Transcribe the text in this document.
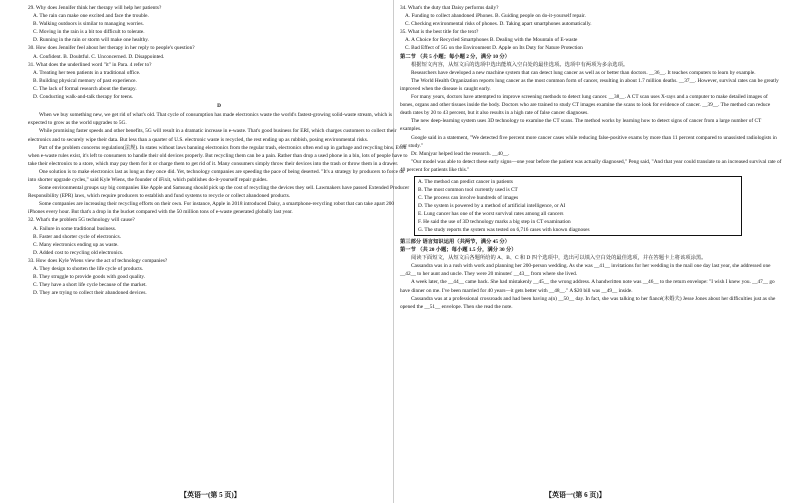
29. Why does Jennifer think her therapy will help her patients?

A. The rain can make one excited and face the trouble.

B. Walking outdoors is similar to managing worries.

C. Moving in the rain is a bit too difficult to tolerate.

D. Running in the rain or storm will make one healthy.

30. How does Jennifer feel about her therapy in her reply to people's question?

A. Confident. B. Doubtful. C. Unconcerned. D. Disappointed.

31. What does the underlined word "it" in Para. 4 refer to?

A. Treating her teen patients in a traditional office.

B. Building physical memory of past experience.

C. The lack of formal research about the therapy.

D. Conducting walk-and-talk therapy for teens.

D

When we buy something new, we get rid of what's old. That cycle of consumption has made electronics waste the world's fastest-growing solid-waste stream, which is expected to grow as the world upgrades to 5G.

While promising faster speeds and other benefits, 5G will result in a dramatic increase in e-waste. That's good business for ERI, which charges customers to collect their electronics and to securely wipe their data. But less than a quarter of U.S. electronic waste is recycled, the rest ending up as rubbish, posing environmental risks.

Part of the problem concerns regulation(法规). In states without laws banning electronics from the regular trash, electronics often end up in garbage and recycling bins. Even when e-waste rules exist, it's left to consumers to handle their old devices properly. But recycling them can be a pain. Rather than drop a used phone in a bin, lots of people have to take their electronics to a store, which may pay them for it or charge them to get rid of it. Many consumers simply throw their devices into the trash or throw them in a drawer.

One solution is to make electronics last as long as they once did. Yet, technology companies are speeding the pace of being deserted. "It's a strategy by producers to force us into shorter upgrade cycles," said Kyle Wiens, the founder of iFixit, which publishes do-it-yourself repair guides.

Some environmental groups say big companies like Apple and Samsung should pick up the cost of recycling the devices they sell. Lawmakers have passed Extended Producer Responsibility (EPR) laws, which require producers to establish and fund systems to recycle or collect abandoned products.

Some companies are increasing their recycling efforts on their own. For instance, Apple in 2018 introduced Daisy, a smartphone-recycling robot that can take apart 200 iPhones every hour. But that's a drop in the bucket compared with the 50 million tons of e-waste generated globally last year.

32. What's the problem 5G technology will cause?

A. Failure in some traditional business.

B. Faster and shorter cycle of electronics.

C. Many electronics ending up as waste.

D. Added cost to recycling old electronics.

33. How does Kyle Wiens view the act of technology companies?

A. They design to shorten the life cycle of products.

B. They struggle to provide goods with good quality.

C. They have a short life cycle because of the market.

D. They are trying to collect their abandoned devices.

34. What's the duty that Daisy performs daily?

A. Funding to collect abandoned iPhones. B. Guiding people on do-it-yourself repair.

C. Checking environmental risks of phones. D. Taking apart smartphones automatically.

35. What is the best title for the text?

A. A Choice for Recycled Smartphones B. Dealing with the Mountain of E-waste

C. Bad Effect of 5G on the Environment D. Apple on Its Duty for Nature Protection

第二节 （共 5 小题；每小题 2 分，满分 10 分）

根据短文内容，从短文后的选项中选出能填入空白处的最佳选项。选项中有两项为多余选项。

Researchers have developed a new machine system that can detect lung cancer as well as or better than doctors. __36__. It teaches computers to learn by example.

The World Health Organization reports lung cancer as the most common form of cancer, resulting in about 1.7 million deaths. __37__. However, survival rates can be greatly improved when the disease is caught early.

For many years, doctors have attempted to improve screening methods to detect lung cancer. __38__. A CT scan uses X-rays and a computer to make detailed images of bones, organs and other tissues inside the body. Doctors who are trained to study CT images examine the scans to look for evidence of cancer. __39__. The method can reduce death rates by 20 to 43 percent, but it also results in a high rate of false cancer diagnoses.

The new deep-learning system uses 3D technology to examine the CT scans. The method works by learning how to detect signs of cancer from a large number of CT examples.

Google said in a statement, "We detected five percent more cancer cases while reducing false-positive exams by more than 11 percent compared to unassisted radiologists in our study."

Dr. Munjyar helped lead the research. __40__.

"Our model was able to detect these early signs—one year before the patient was actually diagnosed," Peng said, "And that year could translate to an increased survival rate of 40 percent for patients like this."

A. The method can predict cancer in patients

B. The most common tool currently used is CT

C. The process can involve hundreds of images

D. The system is powered by a method of artificial intelligence, or AI

E. Lung cancer has one of the worst survival rates among all cancers

F. He said the use of 3D technology marks a big step in CT examination

G. The study reports the system was tested on 6,716 cases with known diagnoses

第三部分 语言知识运用（共两节，满分 45 分）

第一节 （共 20 小题；每小题 1.5 分，满分 30 分）

阅读下面短文，从短文后各题所给的 A、B、C 和 D 四个选项中，选出可以填入空白处的最佳选项，并在答题卡上将该项涂黑。

Cassandra was in a rush with work and planning her 200-person wedding. As she was __41__ invitations for her wedding in the mail one day last year, she addressed one __42__ to her aunt and uncle. They were 20 minutes' __43__ from where she lived.

A week later, the __44__ came back. She had mistakenly __45__ the wrong address. A handwritten note was __46__ to the return envelope: "I wish I knew you. __47__ go have dinner on me. I've been married for 40 years—it gets better with __48__." A $20 bill was __49__ inside.

Cassandra was at a professional crossroads and had been having a(n) __50__ day. In fact, she was talking to her fiancé(未婚夫) Jesse Jones about her difficulties just as she opened the __51__ envelope. Then she read the note.

【英语一(第 5 页)】	【英语一(第 6 页)】
